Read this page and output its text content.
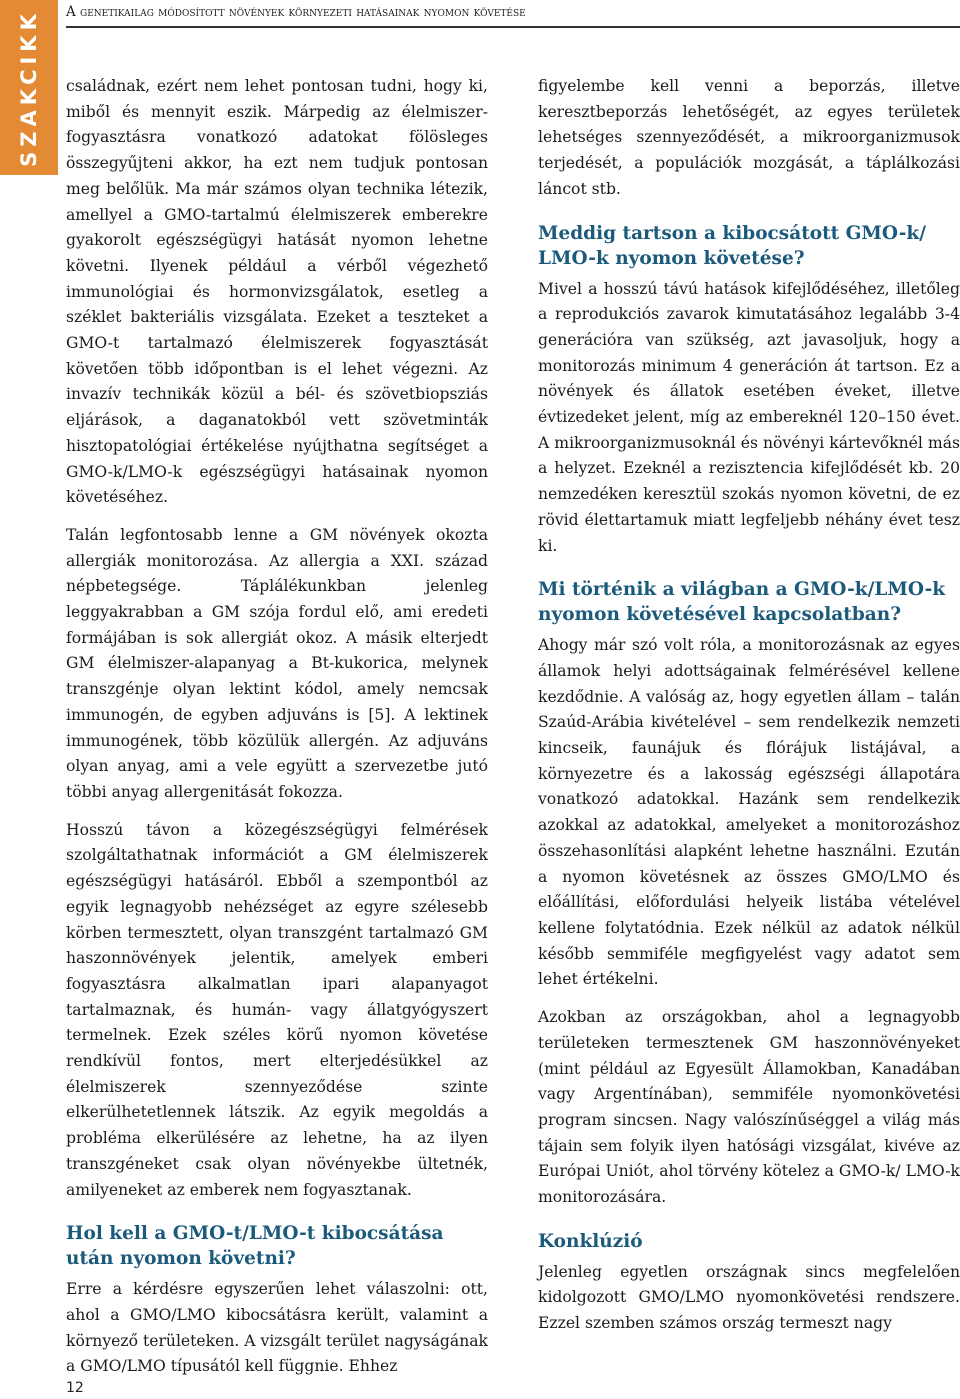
SZAKCIKK A genetikailag módosított növények környezeti hatásainak nyomon követése

családnak, ezért nem lehet pontosan tudni, hogy ki, miből és mennyit eszik. Márpedig az élelmiszer-fogyasztásra vonatkozó adatokat fölösleges összegyűjteni akkor, ha ezt nem tudjuk pontosan meg belőlük. Ma már számos olyan technika létezik, amellyel a GMO-tartalmú élelmiszerek emberekre gyakorolt egészségügyi hatását nyomon lehetne követni. Ilyenek például a vérből végezhető immunológiai és hormonvizsgálatok, esetleg a széklet bakteriális vizsgálata. Ezeket a teszteket a GMO-t tartalmazó élelmiszerek fogyasztását követően több időpontban is el lehet végezni. Az invazív technikák közül a bél- és szövetbiopsziás eljárások, a daganatokból vett szövetminták hisztopatológiai értékelése nyújthatna segítséget a GMO-k/LMO-k egészségügyi hatásainak nyomon követéséhez.

Talán legfontosabb lenne a GM növények okozta allergiák monitorozása. Az allergia a XXI. század népbetegsége. Táplálékunkban jelenleg leggyakrabban a GM szója fordul elő, ami eredeti formájában is sok allergiát okoz. A másik elterjedt GM élelmiszer-alapanyag a Bt-kukorica, melynek transzgénje olyan lektint kódol, amely nemcsak immunogén, de egyben adjuváns is [5]. A lektinek immunogének, több közülük allergén. Az adjuváns olyan anyag, ami a vele együtt a szervezetbe jutó többi anyag allergenitását fokozza.

Hosszú távon a közegészségügyi felmérések szolgáltathatnak információt a GM élelmiszerek egészségügyi hatásáról. Ebből a szempontból az egyik legnagyobb nehézséget az egyre szélesebb körben termesztett, olyan transzgént tartalmazó GM haszonnövények jelentik, amelyek emberi fogyasztásra alkalmatlan ipari alapanyagot tartalmaznak, és humán- vagy állatgyógyszert termelnek. Ezek széles körű nyomon követése rendkívül fontos, mert elterjedésükkel az élelmiszerek szennyeződése szinte elkerülhetetlennek látszik. Az egyik megoldás a probléma elkerülésére az lehetne, ha az ilyen transzgéneket csak olyan növényekbe ültetnék, amilyeneket az emberek nem fogyasztanak.

Hol kell a GMO-t/LMO-t kibocsátása után nyomon követni?

Erre a kérdésre egyszerűen lehet válaszolni: ott, ahol a GMO/LMO kibocsátásra került, valamint a környező területeken. A vizsgált terület nagyságának a GMO/LMO típusától kell függnie. Ehhez

figyelembe kell venni a beporzás, illetve keresztbeporzás lehetőségét, az egyes területek lehetséges szennyeződését, a mikroorganizmusok terjedését, a populációk mozgását, a táplálkozási láncot stb.

Meddig tartson a kibocsátott GMO-k/ LMO-k nyomon követése?

Mivel a hosszú távú hatások kifejlődéséhez, illetőleg a reprodukciós zavarok kimutatásához legalább 3-4 generációra van szükség, azt javasoljuk, hogy a monitorozás minimum 4 generáción át tartson. Ez a növények és állatok esetében éveket, illetve évtizedeket jelent, míg az embereknél 120–150 évet. A mikroorganizmusoknál és növényi kártevőknél más a helyzet. Ezeknél a rezisztencia kifejlődését kb. 20 nemzedéken keresztül szokás nyomon követni, de ez rövid élettartamuk miatt legfeljebb néhány évet tesz ki.

Mi történik a világban a GMO-k/LMO-k nyomon követésével kapcsolatban?

Ahogy már szó volt róla, a monitorozásnak az egyes államok helyi adottságainak felmérésével kellene kezdődnie. A valóság az, hogy egyetlen állam – talán Szaúd-Arábia kivételével – sem rendelkezik nemzeti kincseik, faunájuk és flórájuk listájával, a környezetre és a lakosság egészségi állapotára vonatkozó adatokkal. Hazánk sem rendelkezik azokkal az adatokkal, amelyeket a monitorozáshoz összehasonlítási alapként lehetne használni. Ezután a nyomon követésnek az összes GMO/LMO és előállítási, előfordulási helyeik listába vételével kellene folytatódnia. Ezek nélkül az adatok nélkül később semmiféle megfigyelést vagy adatot sem lehet értékelni.

Azokban az országokban, ahol a legnagyobb területeken termesztenek GM haszonnövényeket (mint például az Egyesült Államokban, Kanadában vagy Argentínában), semmiféle nyomonkövetési program sincsen. Nagy valószínűséggel a világ más tájain sem folyik ilyen hatósági vizsgálat, kivéve az Európai Uniót, ahol törvény kötelez a GMO-k/ LMO-k monitorozására.

Konklúzió

Jelenleg egyetlen országnak sincs megfelelően kidolgozott GMO/LMO nyomonkövetési rendszere. Ezzel szemben számos ország termeszt nagy

12
